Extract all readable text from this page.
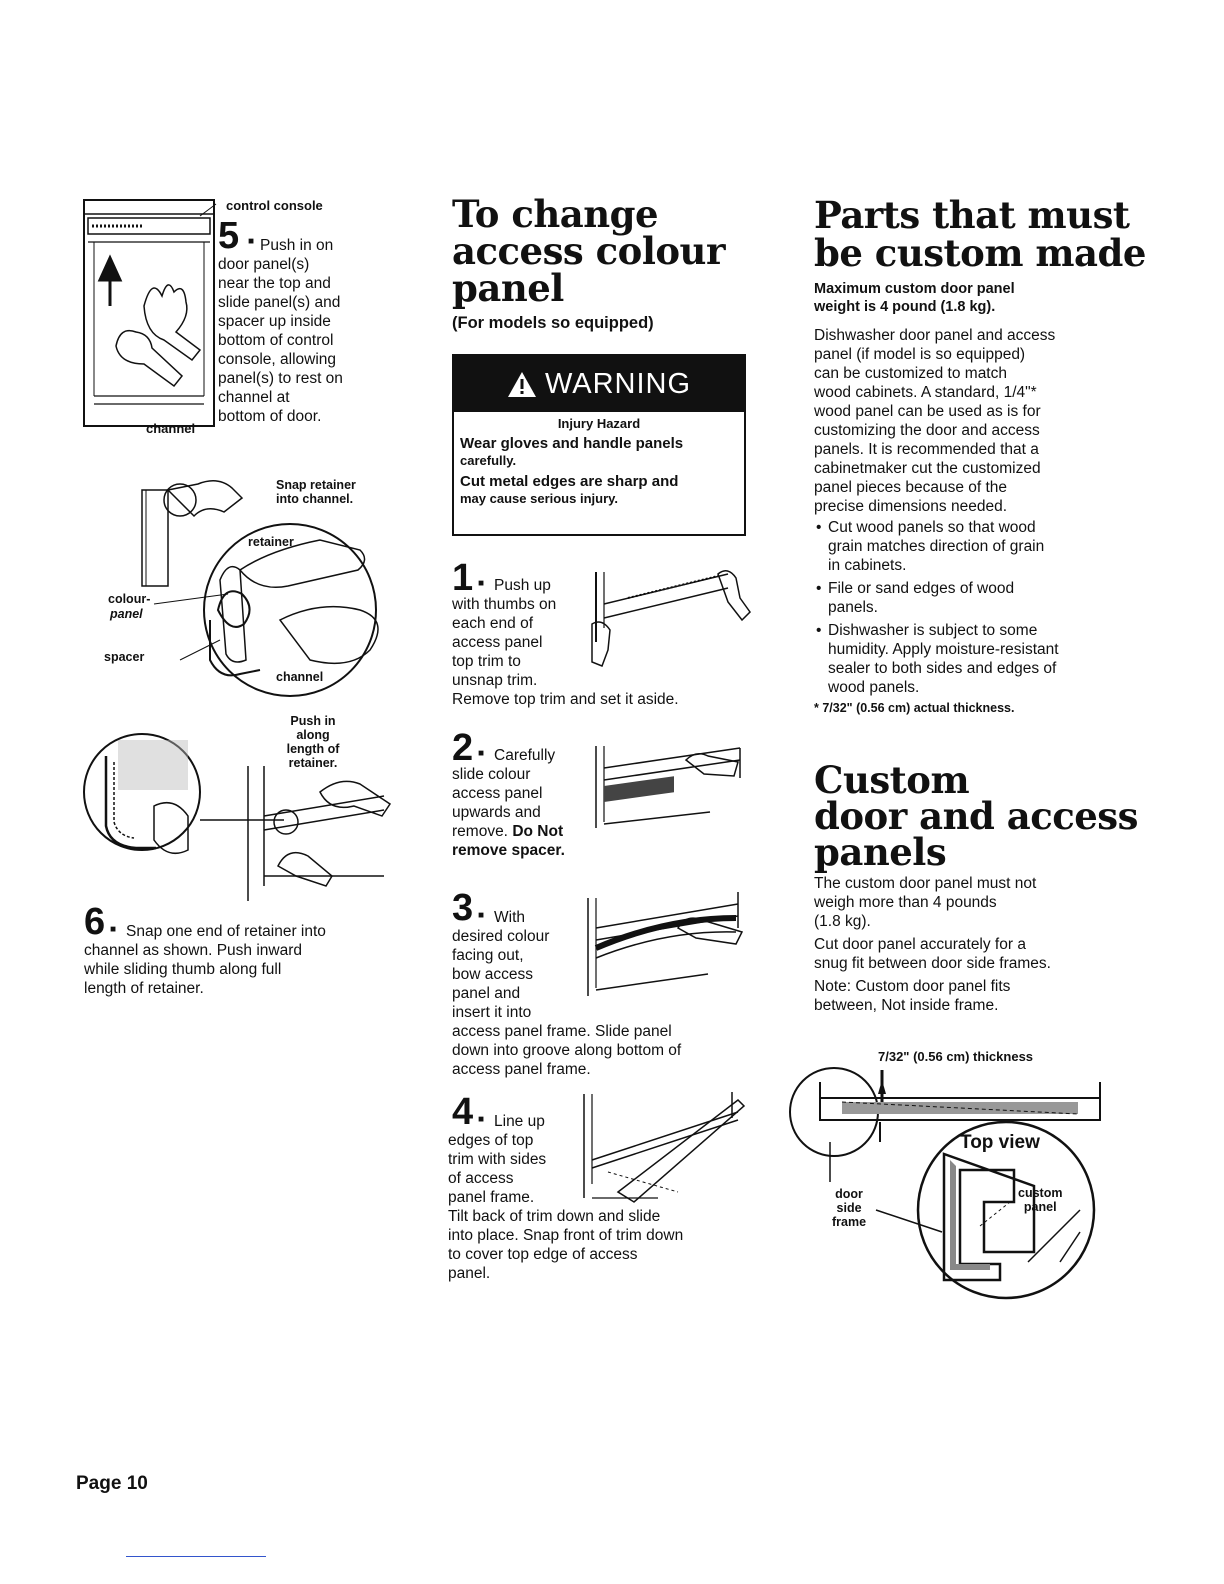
control console
5 ■ Push in on
door panel(s)
near the top and
slide panel(s) and
spacer up inside
bottom of control
console, allowing
panel(s) to rest on
channel at
bottom of door.
channel
Snap retainer
into channel.
retainer
colour-
panel
spacer
channel
Push in
along
length of
retainer.
6 ■ Snap one end of retainer into
channel as shown. Push inward
while sliding thumb along full
length of retainer.
Page 10
To change
access colour
panel
(For models so equipped)
WARNING
Injury Hazard
Wear gloves and handle panels
carefully.
Cut metal edges are sharp and
may cause serious injury.
1 ■ Push up
with thumbs on
each end of
access panel
top trim to
unsnap trim.
Remove top trim and set it aside.
2 ■ Carefully
slide colour
access panel
upwards and
remove. Do Not
remove spacer.
3 ■ With
desired colour
facing out,
bow access
panel and
insert it into
access panel frame. Slide panel
down into groove along bottom of
access panel frame.
4 ■ Line up
edges of top
trim with sides
of access
panel frame.
Tilt back of trim down and slide
into place. Snap front of trim down
to cover top edge of access
panel.
Parts that must
be custom made
Maximum custom door panel
weight is 4 pound (1.8 kg).
Dishwasher door panel and access
panel (if model is so equipped)
can be customized to match
wood cabinets. A standard, 1/4"*
wood panel can be used as is for
customizing the door and access
panels. It is recommended that a
cabinetmaker cut the customized
panel pieces because of the
precise dimensions needed.
• Cut wood panels so that wood
grain matches direction of grain
in cabinets.
• File or sand edges of wood
panels.
• Dishwasher is subject to some
humidity. Apply moisture-resistant
sealer to both sides and edges of
wood panels.
* 7/32" (0.56 cm) actual thickness.
Custom
door and access
panels
The custom door panel must not
weigh more than 4 pounds
(1.8 kg).
Cut door panel accurately for a
snug fit between door side frames.
Note: Custom door panel fits
between, Not inside frame.
7/32" (0.56 cm) thickness
Top view
door
side
frame
custom
panel
